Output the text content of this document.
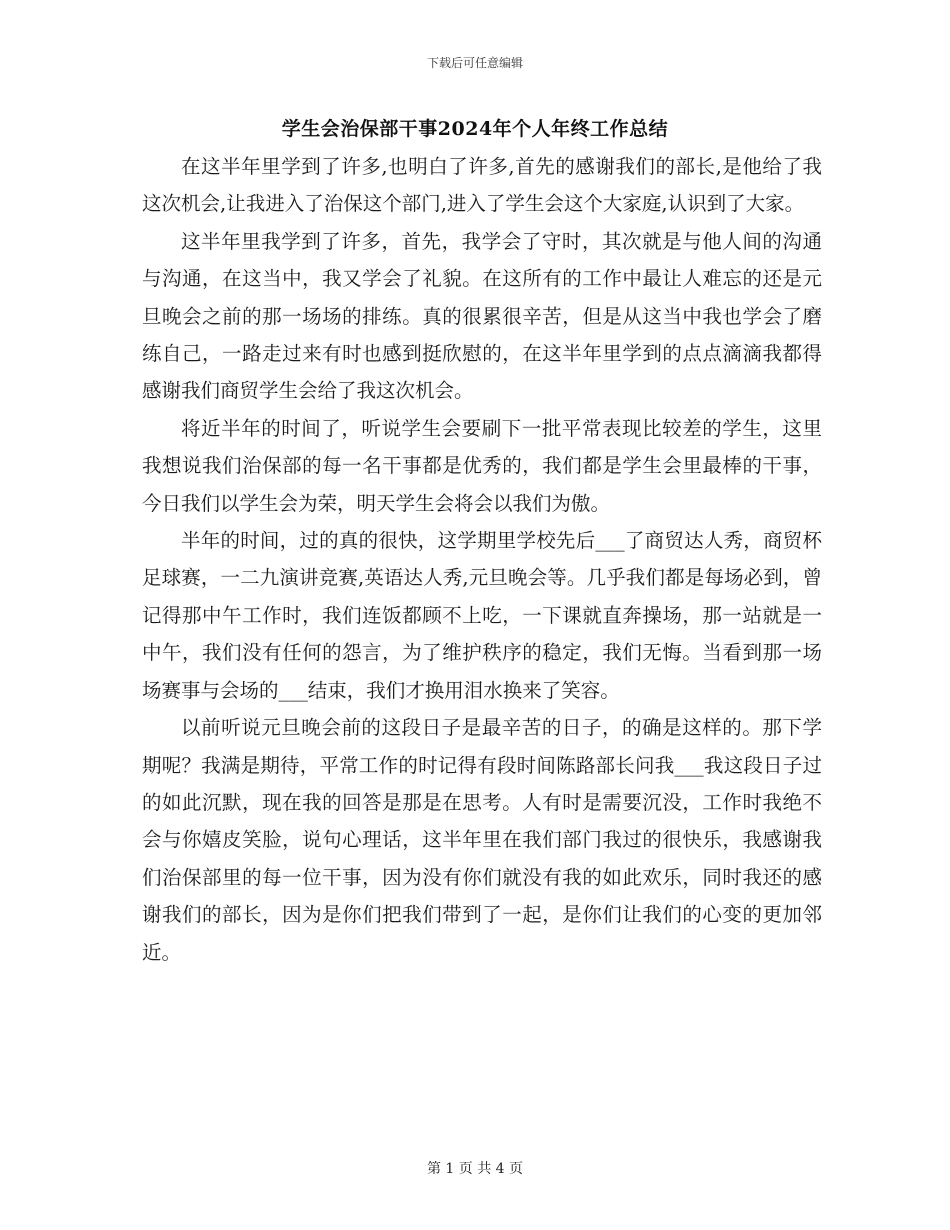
下载后可任意编辑
学生会治保部干事2024年个人年终工作总结

在这半年里学到了许多,也明白了许多,首先的感谢我们的部长,是他给了我这次机会,让我进入了治保这个部门,进入了学生会这个大家庭,认识到了大家。

这半年里我学到了许多，首先，我学会了守时，其次就是与他人间的沟通与沟通，在这当中，我又学会了礼貌。在这所有的工作中最让人难忘的还是元旦晚会之前的那一场场的排练。真的很累很辛苦，但是从这当中我也学会了磨练自己，一路走过来有时也感到挺欣慰的，在这半年里学到的点点滴滴我都得感谢我们商贸学生会给了我这次机会。

将近半年的时间了，听说学生会要刷下一批平常表现比较差的学生，这里我想说我们治保部的每一名干事都是优秀的，我们都是学生会里最棒的干事，今日我们以学生会为荣，明天学生会将会以我们为傲。

半年的时间，过的真的很快，这学期里学校先后___了商贸达人秀，商贸杯足球赛，一二九演讲竞赛,英语达人秀,元旦晚会等。几乎我们都是每场必到，曾记得那中午工作时，我们连饭都顾不上吃，一下课就直奔操场，那一站就是一中午，我们没有任何的怨言，为了维护秩序的稳定，我们无悔。当看到那一场场赛事与会场的___结束，我们才换用泪水换来了笑容。

以前听说元旦晚会前的这段日子是最辛苦的日子，的确是这样的。那下学期呢？我满是期待，平常工作的时记得有段时间陈路部长问我___我这段日子过的如此沉默，现在我的回答是那是在思考。人有时是需要沉没，工作时我绝不会与你嬉皮笑脸，说句心理话，这半年里在我们部门我过的很快乐，我感谢我们治保部里的每一位干事，因为没有你们就没有我的如此欢乐，同时我还的感谢我们的部长，因为是你们把我们带到了一起，是你们让我们的心变的更加邻近。

第 1 页 共 4 页
